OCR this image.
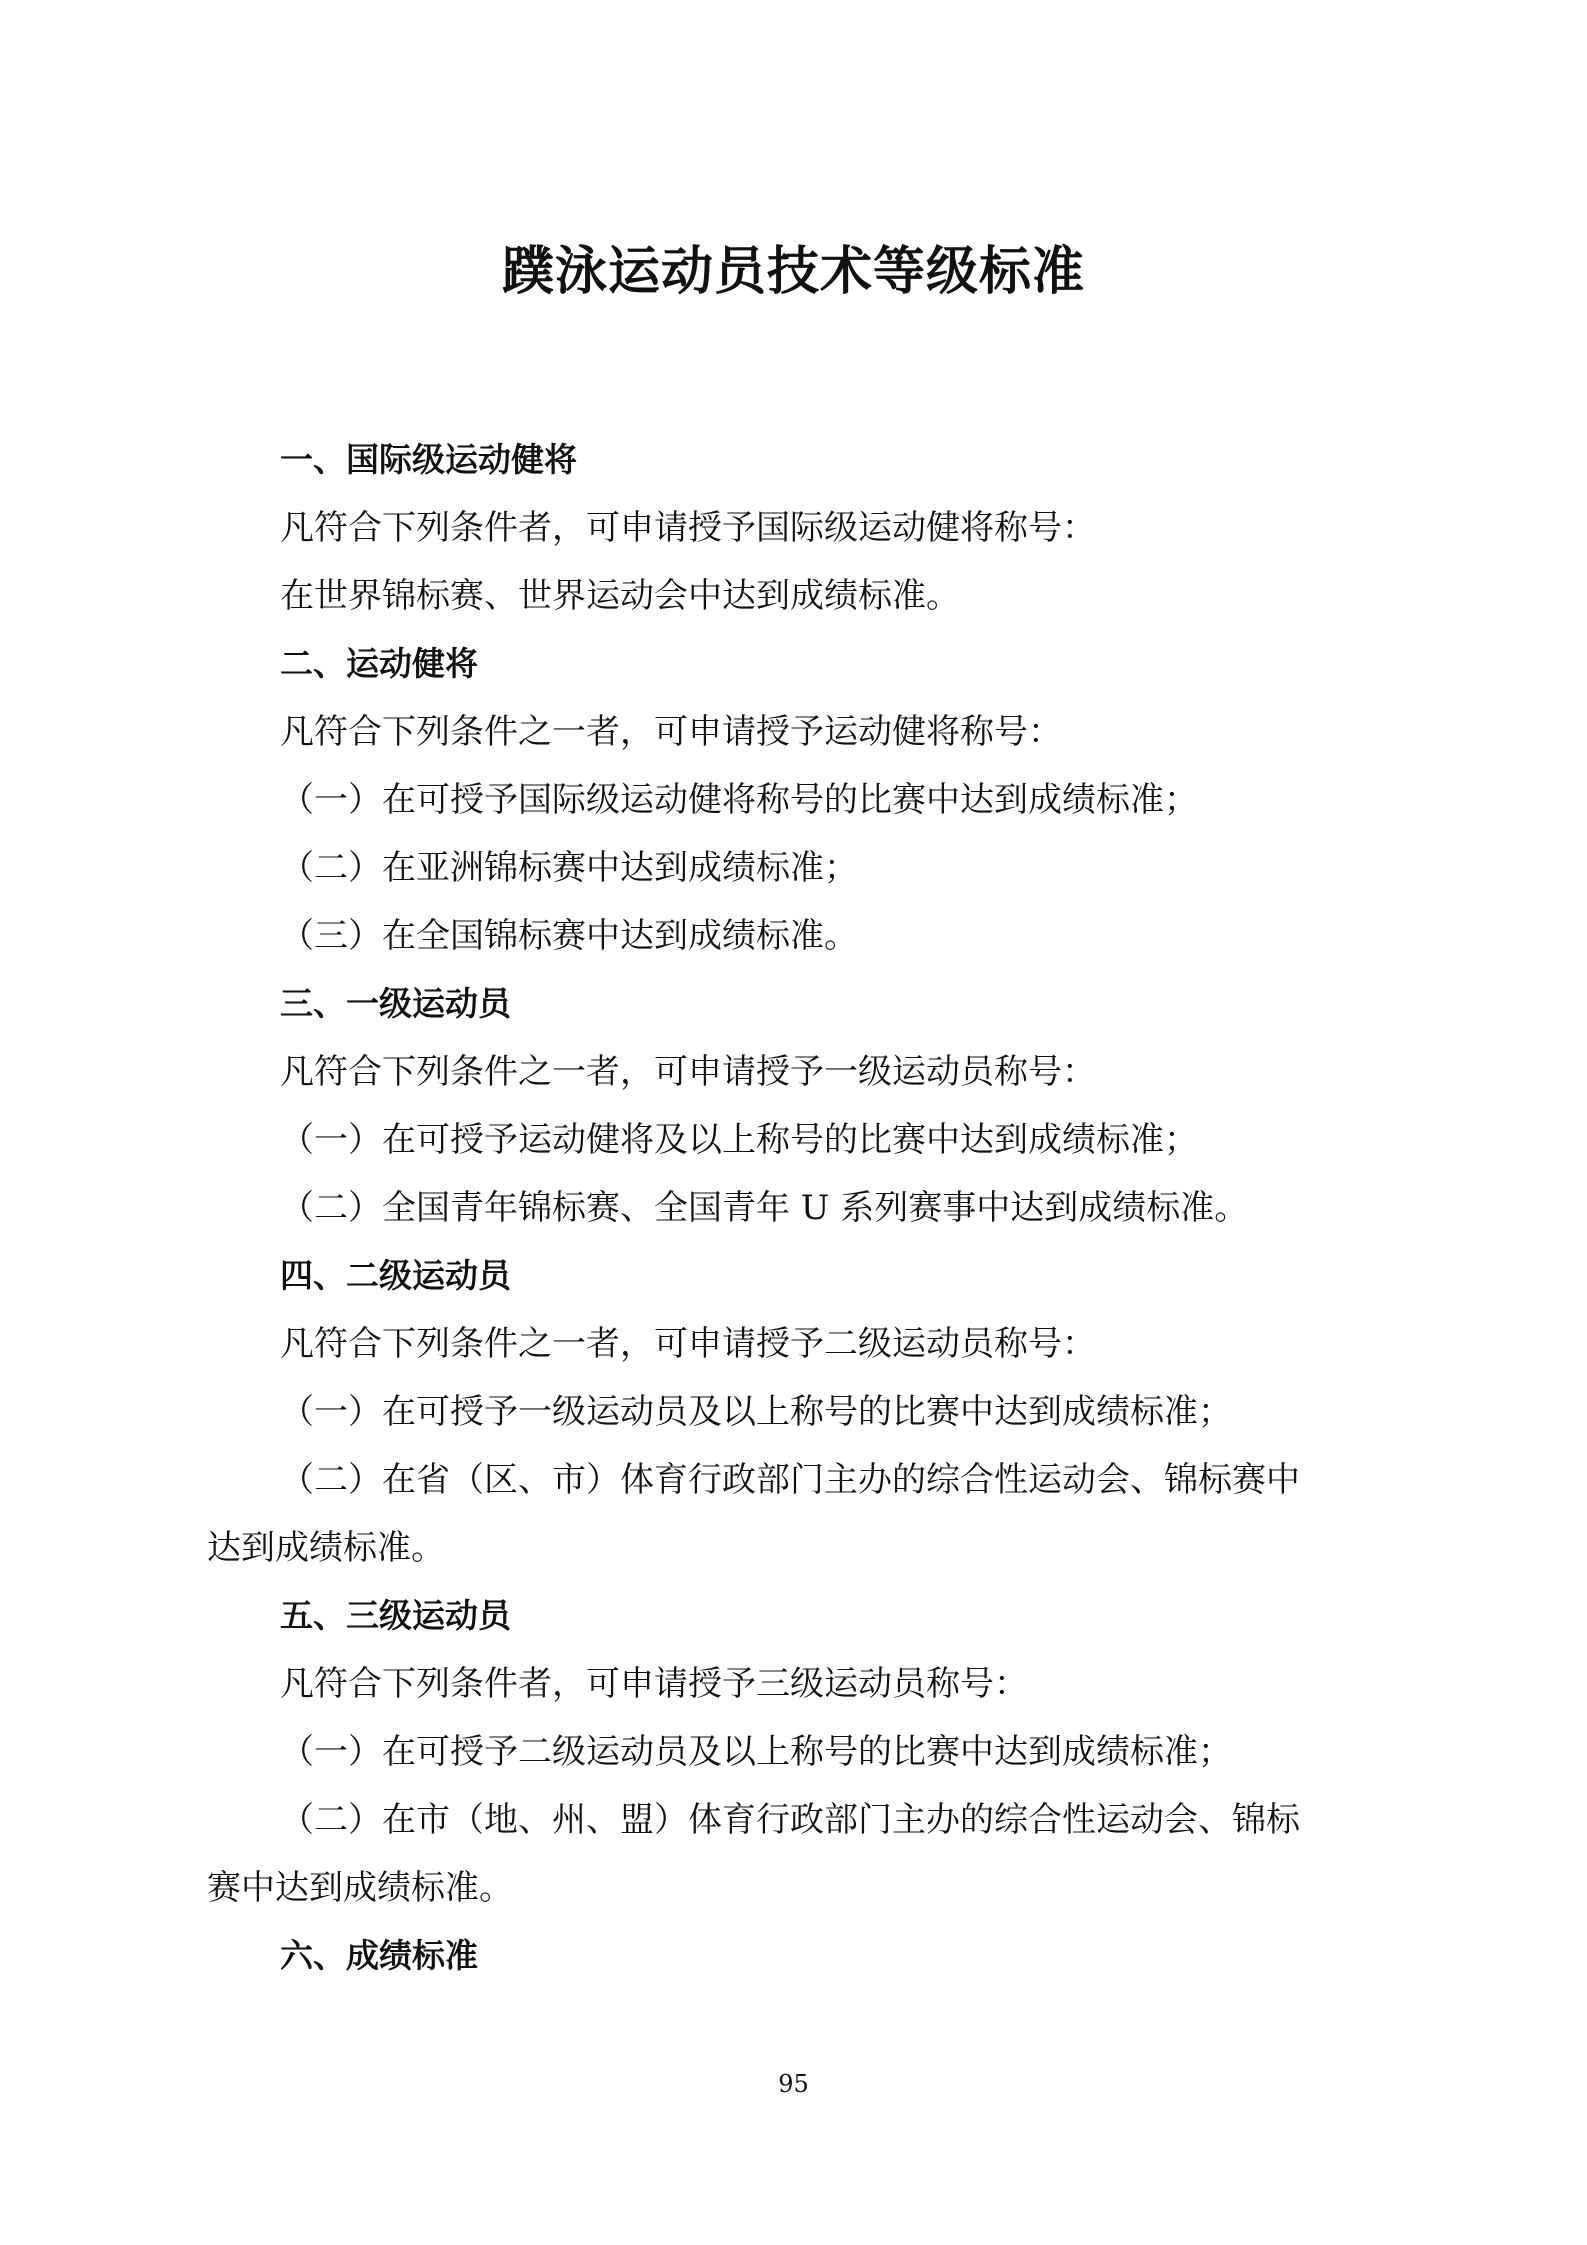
蹼泳运动员技术等级标准
一、国际级运动健将
凡符合下列条件者，可申请授予国际级运动健将称号：
在世界锦标赛、世界运动会中达到成绩标准。
二、运动健将
凡符合下列条件之一者，可申请授予运动健将称号：
（一）在可授予国际级运动健将称号的比赛中达到成绩标准；
（二）在亚洲锦标赛中达到成绩标准；
（三）在全国锦标赛中达到成绩标准。
三、一级运动员
凡符合下列条件之一者，可申请授予一级运动员称号：
（一）在可授予运动健将及以上称号的比赛中达到成绩标准；
（二）全国青年锦标赛、全国青年 U 系列赛事中达到成绩标准。
四、二级运动员
凡符合下列条件之一者，可申请授予二级运动员称号：
（一）在可授予一级运动员及以上称号的比赛中达到成绩标准；
（二）在省（区、市）体育行政部门主办的综合性运动会、锦标赛中
达到成绩标准。
五、三级运动员
凡符合下列条件者，可申请授予三级运动员称号：
（一）在可授予二级运动员及以上称号的比赛中达到成绩标准；
（二）在市（地、州、盟）体育行政部门主办的综合性运动会、锦标
赛中达到成绩标准。
六、成绩标准
95
